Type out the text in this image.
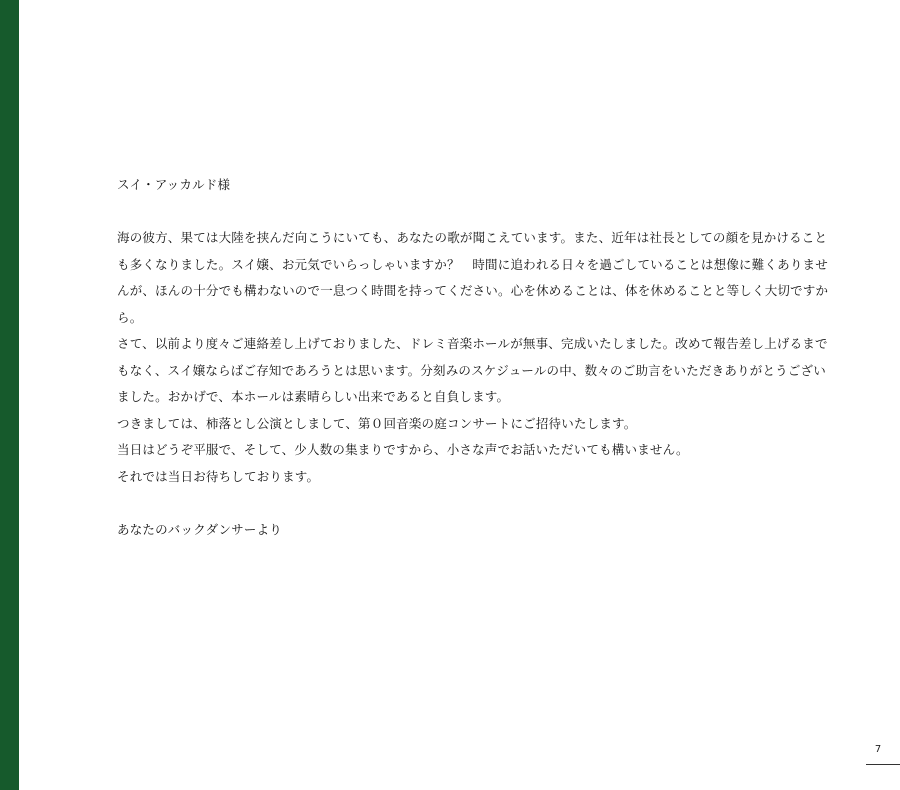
スイ・アッカルド様

海の彼方、果ては大陸を挟んだ向こうにいても、あなたの歌が聞こえています。また、近年は社長としての顔を見かけることも多くなりました。スイ嬢、お元気でいらっしゃいますか？　時間に追われる日々を過ごしていることは想像に難くありませんが、ほんの十分でも構わないので一息つく時間を持ってください。心を休めることは、体を休めることと等しく大切ですから。

さて、以前より度々ご連絡差し上げておりました、ドレミ音楽ホールが無事、完成いたしました。改めて報告差し上げるまでもなく、スイ嬢ならばご存知であろうとは思います。分刻みのスケジュールの中、数々のご助言をいただきありがとうございました。おかげで、本ホールは素晴らしい出来であると自負します。

つきましては、柿落とし公演としまして、第０回音楽の庭コンサートにご招待いたします。

当日はどうぞ平服で、そして、少人数の集まりですから、小さな声でお話いただいても構いません。

それでは当日お待ちしております。

あなたのバックダンサーより

7
